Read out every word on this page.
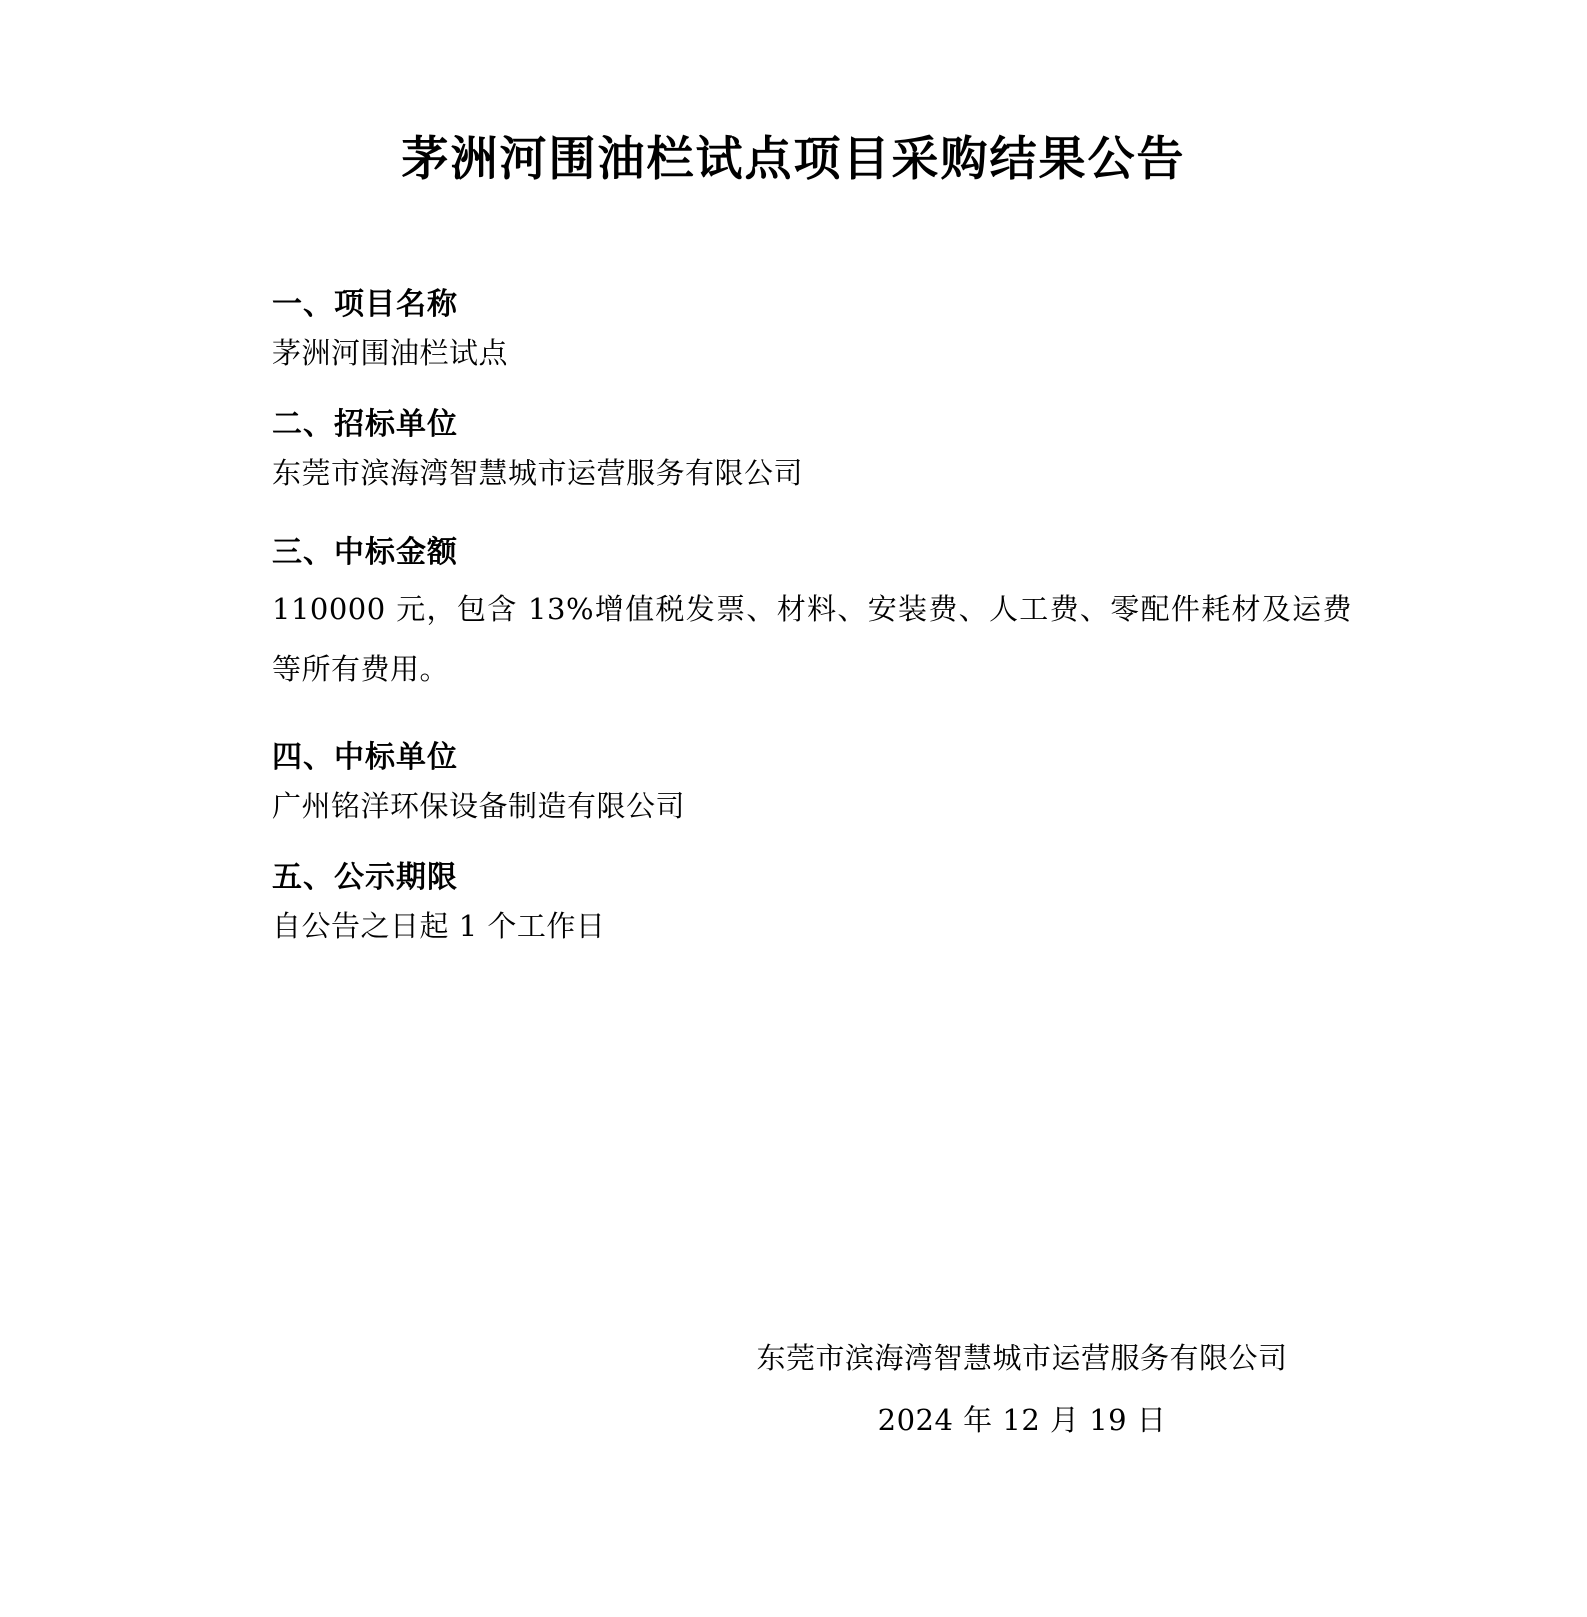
茅洲河围油栏试点项目采购结果公告
一、项目名称
茅洲河围油栏试点
二、招标单位
东莞市滨海湾智慧城市运营服务有限公司
三、中标金额
110000 元，包含 13%增值税发票、材料、安装费、人工费、零配件耗材及运费等所有费用。
四、中标单位
广州铭洋环保设备制造有限公司
五、公示期限
自公告之日起 1 个工作日
东莞市滨海湾智慧城市运营服务有限公司
2024 年 12 月 19 日
